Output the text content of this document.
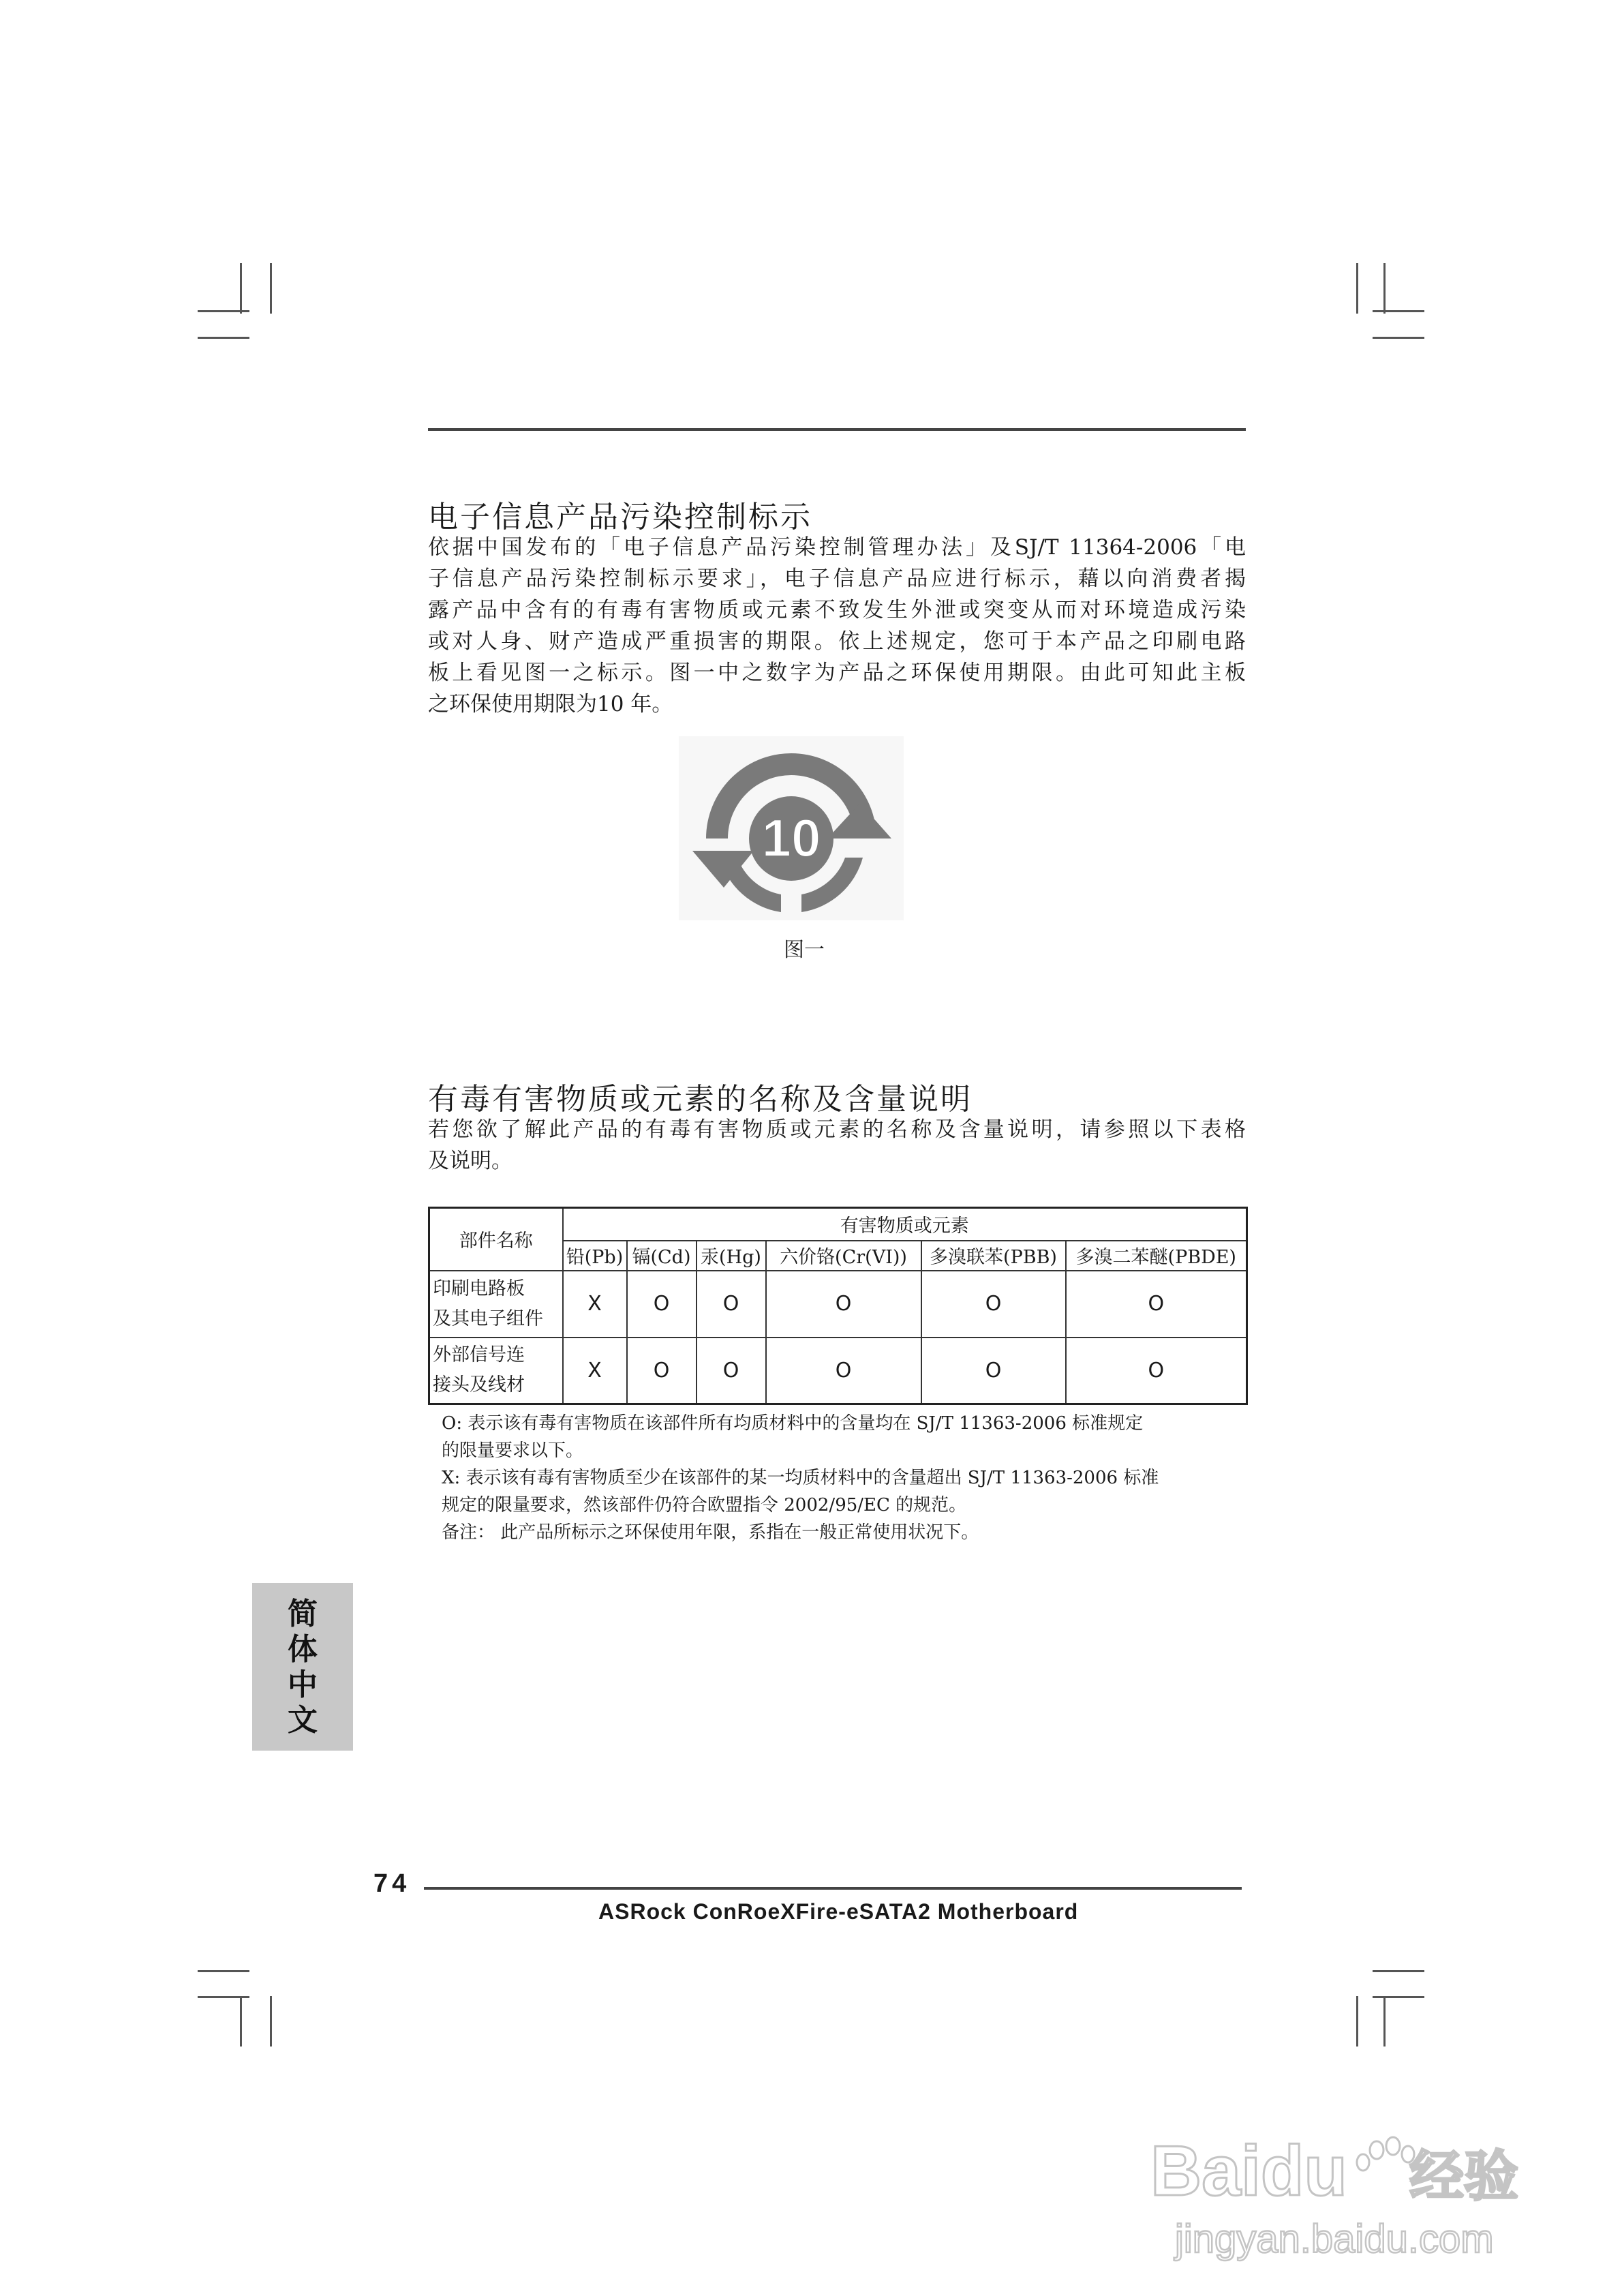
电子信息产品污染控制标示
依据中国发布的「电子信息产品污染控制管理办法」及SJ/T 11364-2006「电
子信息产品污染控制标示要求」，电子信息产品应进行标示，藉以向消费者揭
露产品中含有的有毒有害物质或元素不致发生外泄或突变从而对环境造成污染
或对人身、财产造成严重损害的期限。依上述规定，您可于本产品之印刷电路
板上看见图一之标示。图一中之数字为产品之环保使用期限。由此可知此主板
之环保使用期限为10 年。
10
图一
有毒有害物质或元素的名称及含量说明
若您欲了解此产品的有毒有害物质或元素的名称及含量说明，请参照以下表格
及说明。
部件名称	有害物质或元素					
	铅(Pb)	镉(Cd)	汞(Hg)	六价铬(Cr(VI))	多溴联苯(PBB)	多溴二苯醚(PBDE)

印刷电路板
及其电子组件	X	O	O	O	O	O

外部信号连
接头及线材	X	O	O	O	O	O
O: 表示该有毒有害物质在该部件所有均质材料中的含量均在 SJ/T 11363-2006 标准规定
的限量要求以下。
X: 表示该有毒有害物质至少在该部件的某一均质材料中的含量超出 SJ/T 11363-2006 标准
规定的限量要求，然该部件仍符合欧盟指令 2002/95/EC 的规范。
备注： 此产品所标示之环保使用年限，系指在一般正常使用状况下。
简体中文
74
ASRock ConRoeXFire-eSATA2 Motherboard
Baidu 经验
jingyan.baidu.com
